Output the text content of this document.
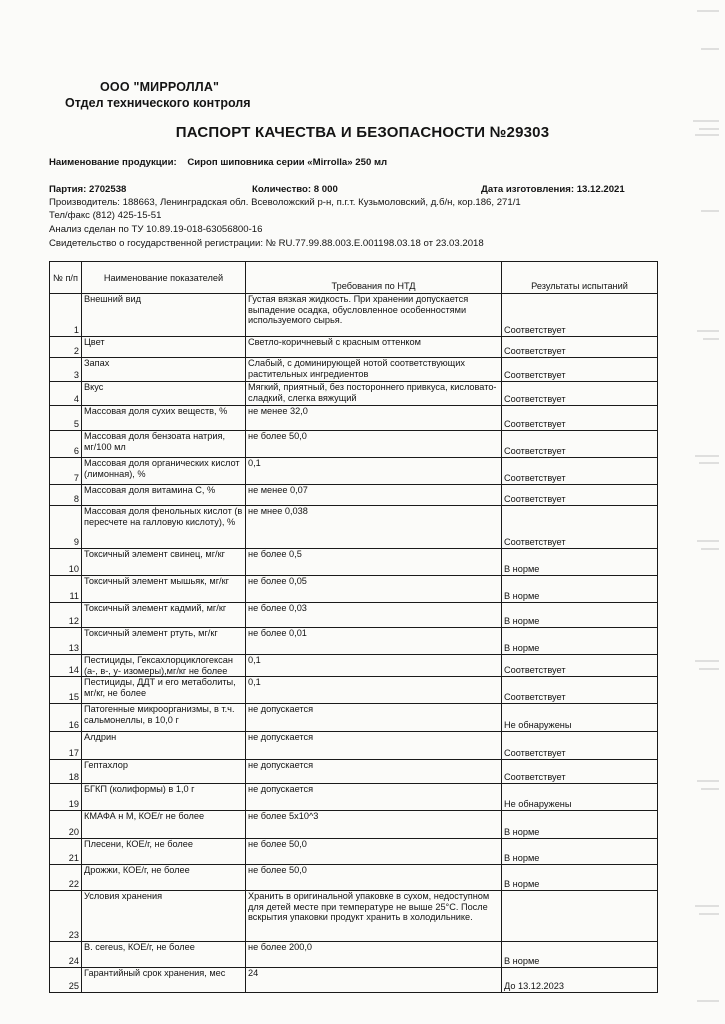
ООО "МИРРОЛЛА"
Отдел технического контроля
ПАСПОРТ КАЧЕСТВА И БЕЗОПАСНОСТИ №29303
Наименование продукции: Сироп шиповника серии «Mirrolla» 250 мл
Партия: 2702538	Количество: 8 000	Дата изготовления: 13.12.2021
Производитель: 188663, Ленинградская обл. Всеволожский р-н, п.г.т. Кузьмоловский, д.б/н, кор.186, 271/1
Тел/факс (812) 425-15-51
Анализ сделан по ТУ 10.89.19-018-63056800-16
Свидетельство о государственной регистрации: № RU.77.99.88.003.Е.001198.03.18 от 23.03.2018
№ п/п	Наименование показателей	Требования по НТД	Результаты испытаний
1	Внешний вид	Густая вязкая жидкость. При хранении допускается выпадение осадка, обусловленное особенностями используемого сырья.	Соответствует
2	Цвет	Светло-коричневый с красным оттенком	Соответствует
3	Запах	Слабый, с доминирующей нотой соответствующих растительных ингредиентов	Соответствует
4	Вкус	Мягкий, приятный, без постороннего привкуса, кисловато-сладкий, слегка вяжущий	Соответствует
5	Массовая доля сухих веществ, %	не менее 32,0	Соответствует
6	Массовая доля бензоата натрия, мг/100 мл	не более 50,0	Соответствует
7	Массовая доля органических кислот (лимонная), %	0,1	Соответствует
8	Массовая доля витамина С, %	не менее 0,07	Соответствует
9	Массовая доля фенольных кислот (в пересчете на галловую кислоту), %	не мнее 0,038	Соответствует
10	Токсичный элемент свинец, мг/кг	не более 0,5	В норме
11	Токсичный элемент мышьяк, мг/кг	не более 0,05	В норме
12	Токсичный элемент кадмий, мг/кг	не более 0,03	В норме
13	Токсичный элемент ртуть, мг/кг	не более 0,01	В норме
14	Пестициды, Гексахлорциклогексан (а-, в-, у- изомеры),мг/кг не более	0,1	Соответствует
15	Пестициды, ДДТ и его метаболиты, мг/кг, не более	0,1	Соответствует
16	Патогенные микроорганизмы, в т.ч. сальмонеллы, в 10,0 г	не допускается	Не обнаружены
17	Алдрин	не допускается	Соответствует
18	Гептахлор	не допускается	Соответствует
19	БГКП (колиформы) в 1,0 г	не допускается	Не обнаружены
20	КМАФА н М, КОЕ/г не более	не более 5х10^3	В норме
21	Плесени, КОЕ/г, не более	не более 50,0	В норме
22	Дрожжи, КОЕ/г, не более	не более 50,0	В норме
23	Условия хранения	Хранить в оригинальной упаковке в сухом, недоступном для детей месте при температуре не выше 25°С. После вскрытия упаковки продукт хранить в холодильнике.	
24	В. cereus, КОЕ/г, не более	не более 200,0	В норме
25	Гарантийный срок хранения, мес	24	До 13.12.2023
